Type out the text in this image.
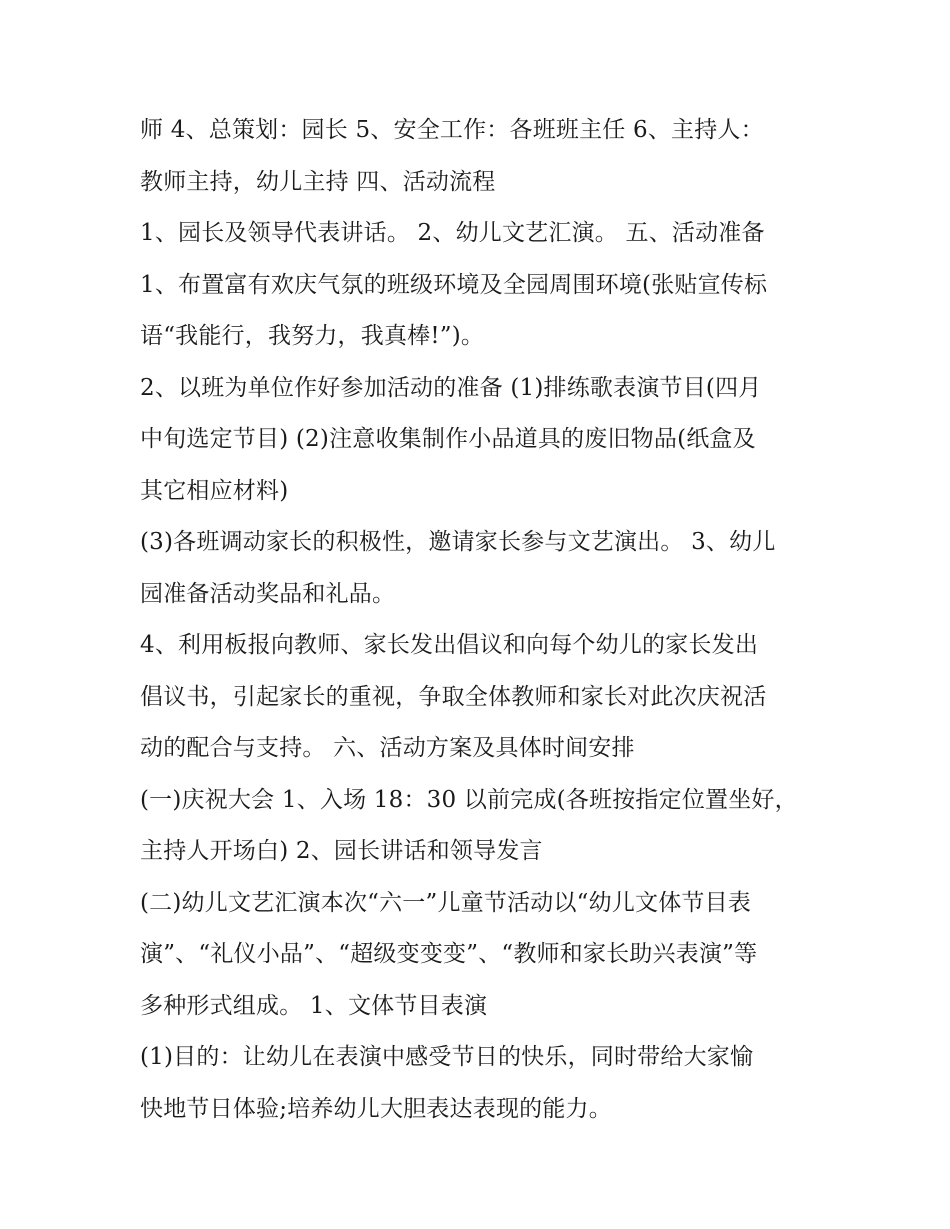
师 4、总策划：园长 5、安全工作：各班班主任 6、主持人：
教师主持，幼儿主持 四、活动流程
1、园长及领导代表讲话。 2、幼儿文艺汇演。 五、活动准备
1、布置富有欢庆气氛的班级环境及全园周围环境(张贴宣传标
语“我能行，我努力，我真棒!”)。
2、以班为单位作好参加活动的准备 (1)排练歌表演节目(四月
中旬选定节目) (2)注意收集制作小品道具的废旧物品(纸盒及
其它相应材料)
(3)各班调动家长的积极性，邀请家长参与文艺演出。 3、幼儿
园准备活动奖品和礼品。
4、利用板报向教师、家长发出倡议和向每个幼儿的家长发出
倡议书，引起家长的重视，争取全体教师和家长对此次庆祝活
动的配合与支持。 六、活动方案及具体时间安排
(一)庆祝大会 1、入场 18：30 以前完成(各班按指定位置坐好，
主持人开场白) 2、园长讲话和领导发言
(二)幼儿文艺汇演本次“六一”儿童节活动以“幼儿文体节目表
演”、“礼仪小品”、“超级变变变”、“教师和家长助兴表演”等
多种形式组成。 1、文体节目表演
(1)目的：让幼儿在表演中感受节日的快乐，同时带给大家愉
快地节日体验;培养幼儿大胆表达表现的能力。
